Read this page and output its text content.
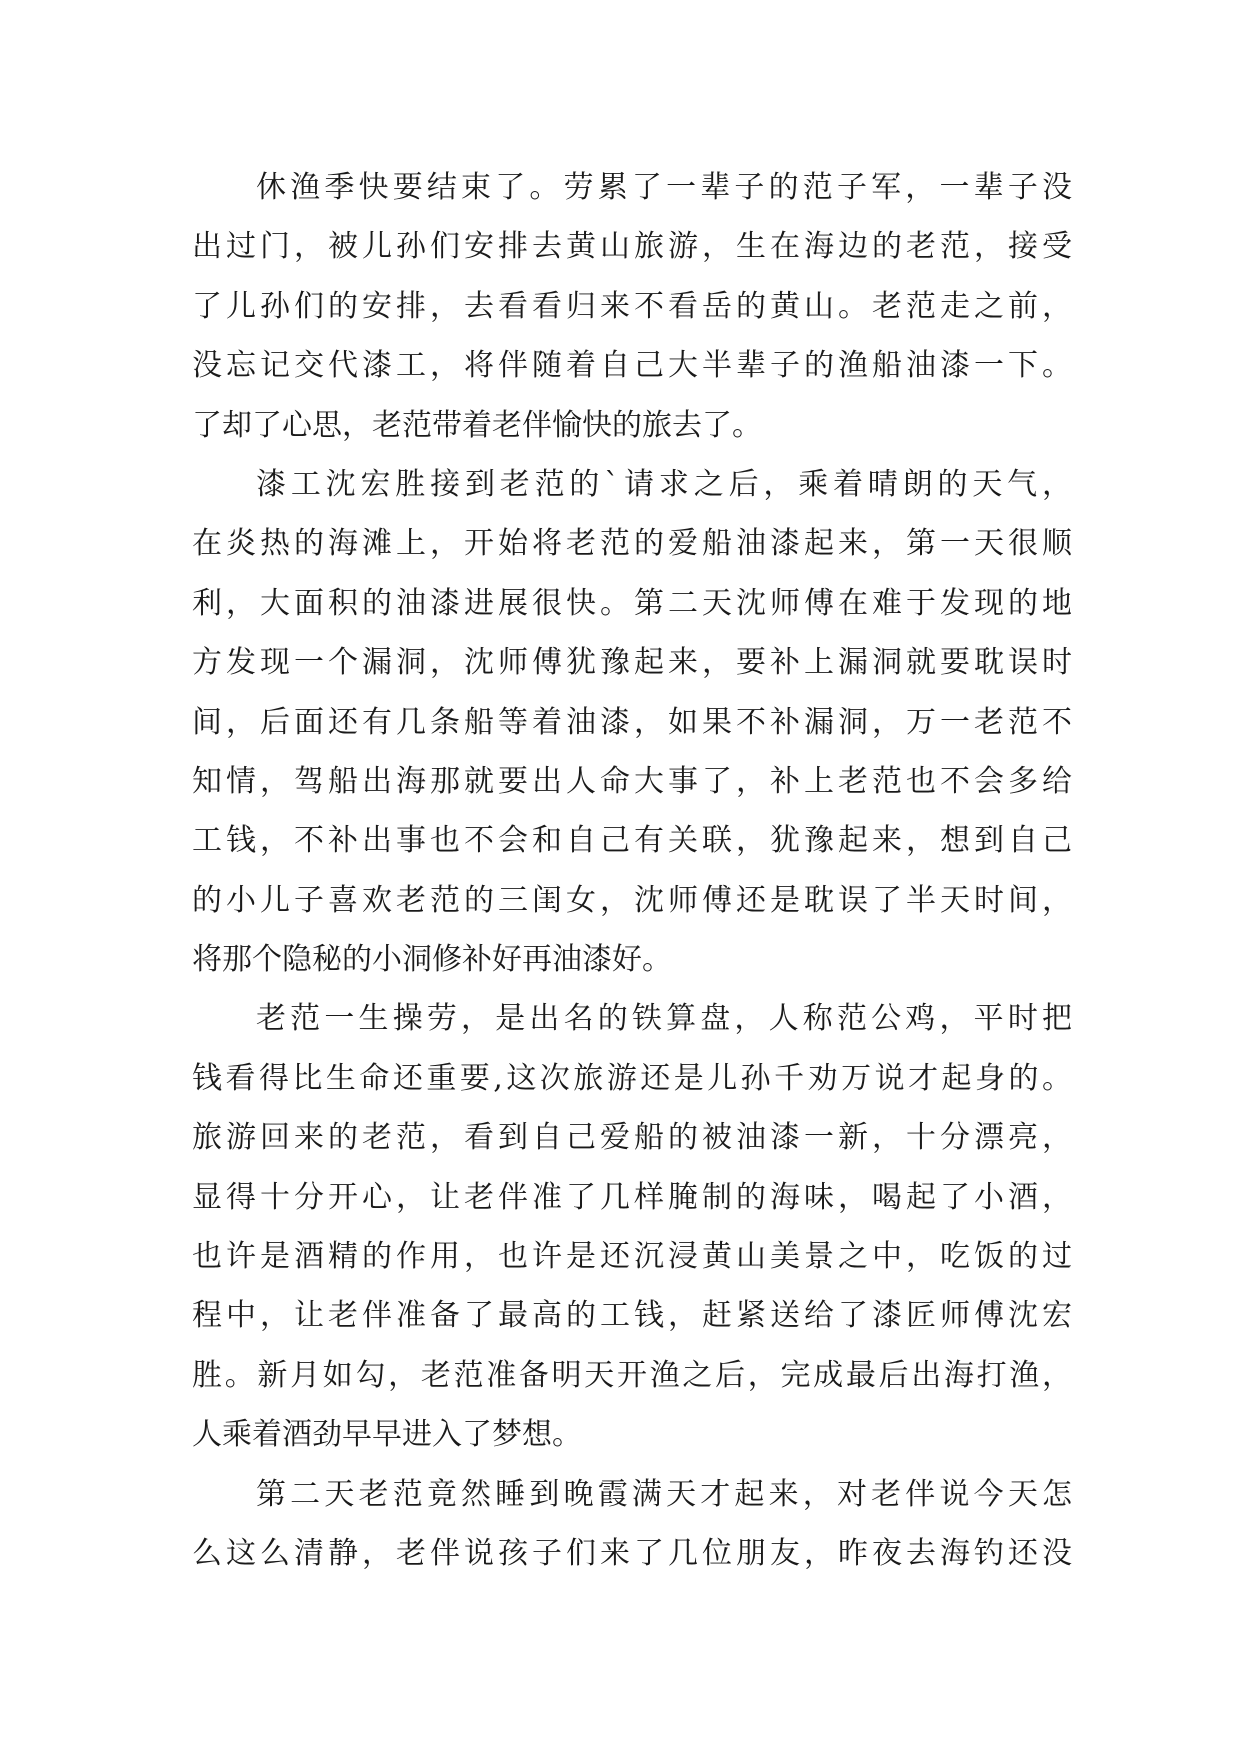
休渔季快要结束了。劳累了一辈子的范子军，一辈子没
出过门，被儿孙们安排去黄山旅游，生在海边的老范，接受
了儿孙们的安排，去看看归来不看岳的黄山。老范走之前，
没忘记交代漆工，将伴随着自己大半辈子的渔船油漆一下。
了却了心思，老范带着老伴愉快的旅去了。
漆工沈宏胜接到老范的`请求之后，乘着晴朗的天气，
在炎热的海滩上，开始将老范的爱船油漆起来，第一天很顺
利，大面积的油漆进展很快。第二天沈师傅在难于发现的地
方发现一个漏洞，沈师傅犹豫起来，要补上漏洞就要耽误时
间，后面还有几条船等着油漆，如果不补漏洞，万一老范不
知情，驾船出海那就要出人命大事了，补上老范也不会多给
工钱，不补出事也不会和自己有关联，犹豫起来，想到自己
的小儿子喜欢老范的三闺女，沈师傅还是耽误了半天时间，
将那个隐秘的小洞修补好再油漆好。
老范一生操劳，是出名的铁算盘，人称范公鸡，平时把
钱看得比生命还重要,这次旅游还是儿孙千劝万说才起身的。
旅游回来的老范，看到自己爱船的被油漆一新，十分漂亮，
显得十分开心，让老伴准了几样腌制的海味，喝起了小酒，
也许是酒精的作用，也许是还沉浸黄山美景之中，吃饭的过
程中，让老伴准备了最高的工钱，赶紧送给了漆匠师傅沈宏
胜。新月如勾，老范准备明天开渔之后，完成最后出海打渔，
人乘着酒劲早早进入了梦想。
第二天老范竟然睡到晚霞满天才起来，对老伴说今天怎
么这么清静，老伴说孩子们来了几位朋友，昨夜去海钓还没
